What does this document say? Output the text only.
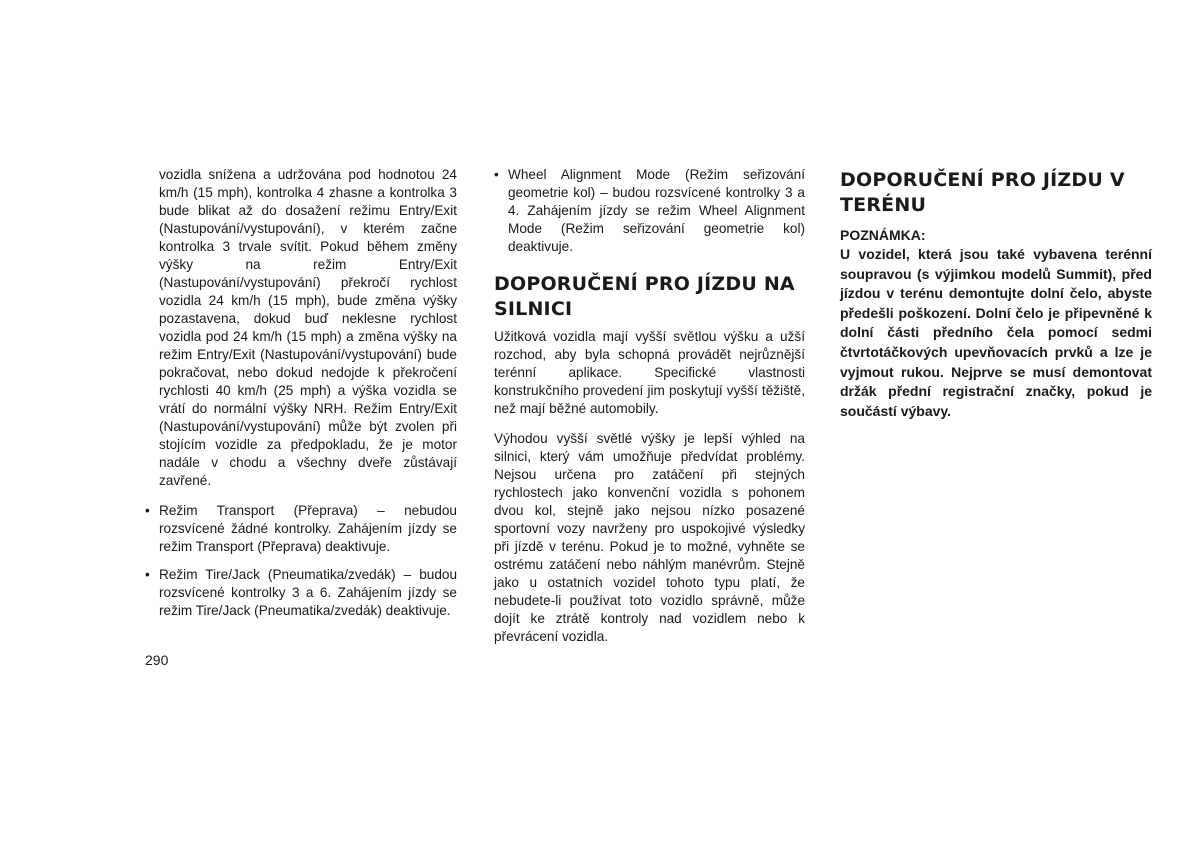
vozidla snížena a udržována pod hodnotou 24 km/h (15 mph), kontrolka 4 zhasne a kontrolka 3 bude blikat až do dosažení režimu Entry/Exit (Nastupování/vystupování), v kterém začne kontrolka 3 trvale svítit. Pokud během změny výšky na režim Entry/Exit (Nastupování/vystupování) překročí rychlost vozidla 24 km/h (15 mph), bude změna výšky pozastavena, dokud buď neklesne rychlost vozidla pod 24 km/h (15 mph) a změna výšky na režim Entry/Exit (Nastupování/vystupování) bude pokračovat, nebo dokud nedojde k překročení rychlosti 40 km/h (25 mph) a výška vozidla se vrátí do normální výšky NRH. Režim Entry/Exit (Nastupování/vystupování) může být zvolen při stojícím vozidle za předpokladu, že je motor nadále v chodu a všechny dveře zůstávají zavřené.

• Režim Transport (Přeprava) – nebudou rozsvícené žádné kontrolky. Zahájením jízdy se režim Transport (Přeprava) deaktivuje.
• Režim Tire/Jack (Pneumatika/zvedák) – budou rozsvícené kontrolky 3 a 6. Zahájením jízdy se režim Tire/Jack (Pneumatika/zvedák) deaktivuje.
• Wheel Alignment Mode (Režim seřizování geometrie kol) – budou rozsvícené kontrolky 3 a 4. Zahájením jízdy se režim Wheel Alignment Mode (Režim seřizování geometrie kol) deaktivuje.
DOPORUČENÍ PRO JÍZDU NA SILNICI

Užitková vozidla mají vyšší světlou výšku a užší rozchod, aby byla schopná provádět nejrůznější terénní aplikace. Specifické vlastnosti konstrukčního provedení jim poskytují vyšší těžiště, než mají běžné automobily.

Výhodou vyšší světlé výšky je lepší výhled na silnici, který vám umožňuje předvídat problémy. Nejsou určena pro zatáčení při stejných rychlostech jako konvenční vozidla s pohonem dvou kol, stejně jako nejsou nízko posazené sportovní vozy navrženy pro uspokojivé výsledky při jízdě v terénu. Pokud je to možné, vyhněte se ostrému zatáčení nebo náhlým manévrům. Stejně jako u ostatních vozidel tohoto typu platí, že nebudete-li používat toto vozidlo správně, může dojít ke ztrátě kontroly nad vozidlem nebo k převrácení vozidla.

DOPORUČENÍ PRO JÍZDU V TERÉNU
POZNÁMKA:

U vozidel, která jsou také vybavena terénní soupravou (s výjimkou modelů Summit), před jízdou v terénu demontujte dolní čelo, abyste předešli poškození. Dolní čelo je připevněné k dolní části předního čela pomocí sedmi čtvrtotáčkových upevňovacích prvků a lze je vyjmout rukou. Nejprve se musí demontovat držák přední registrační značky, pokud je součástí výbavy.

290
